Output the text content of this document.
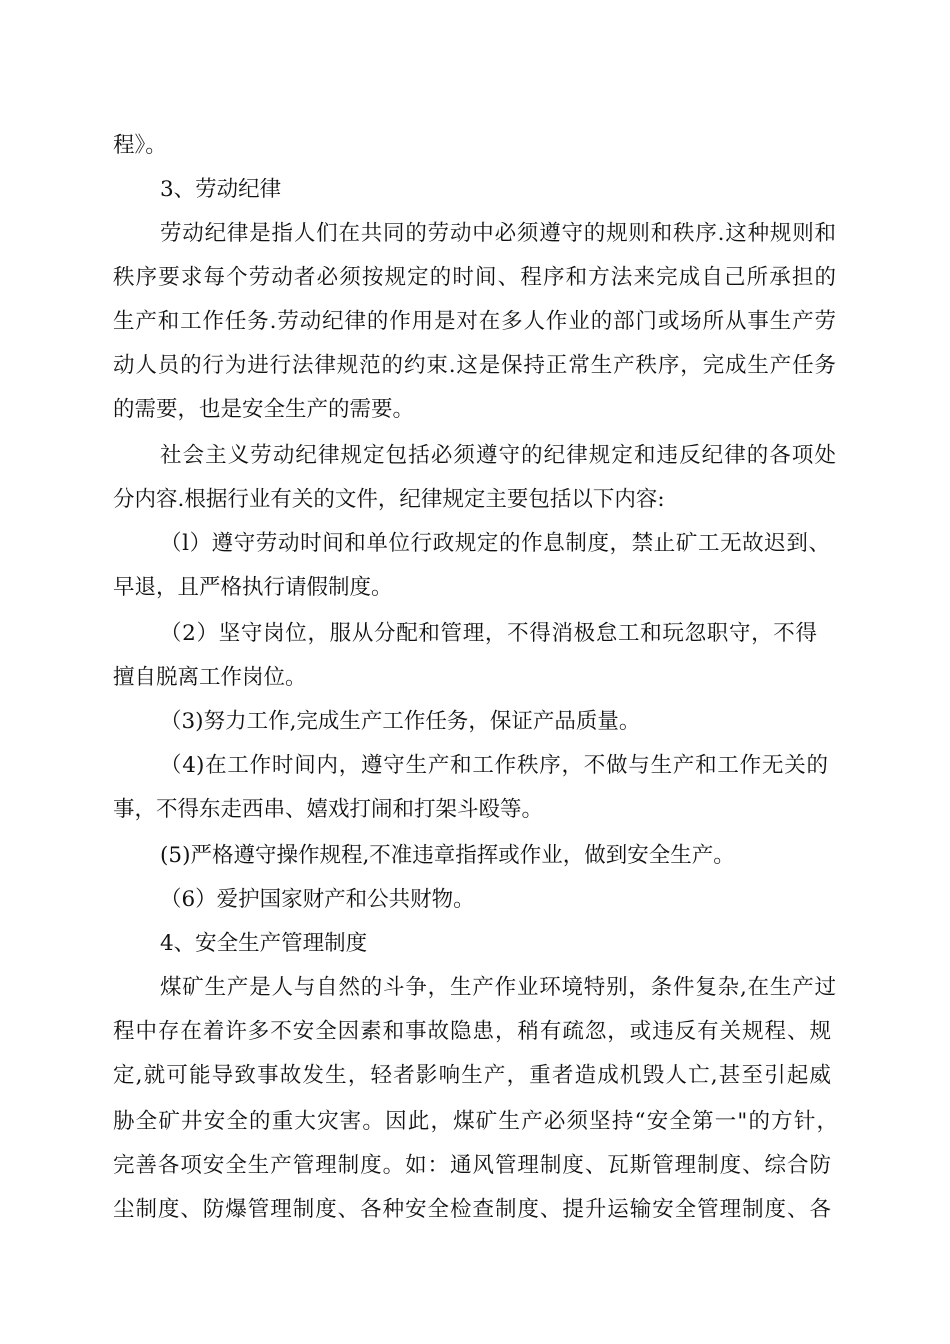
程》。
3、劳动纪律
劳动纪律是指人们在共同的劳动中必须遵守的规则和秩序.这种规则和
秩序要求每个劳动者必须按规定的时间、程序和方法来完成自己所承担的
生产和工作任务.劳动纪律的作用是对在多人作业的部门或场所从事生产劳
动人员的行为进行法律规范的约束.这是保持正常生产秩序，完成生产任务
的需要，也是安全生产的需要。
社会主义劳动纪律规定包括必须遵守的纪律规定和违反纪律的各项处
分内容.根据行业有关的文件，纪律规定主要包括以下内容:
（l）遵守劳动时间和单位行政规定的作息制度，禁止矿工无故迟到、
早退，且严格执行请假制度。
（2）坚守岗位，服从分配和管理，不得消极怠工和玩忽职守，不得
擅自脱离工作岗位。
（3)努力工作,完成生产工作任务，保证产品质量。
（4)在工作时间内，遵守生产和工作秩序，不做与生产和工作无关的
事，不得东走西串、嬉戏打闹和打架斗殴等。
(5)严格遵守操作规程,不准违章指挥或作业，做到安全生产。
（6）爱护国家财产和公共财物。
4、安全生产管理制度
煤矿生产是人与自然的斗争，生产作业环境特别，条件复杂,在生产过
程中存在着许多不安全因素和事故隐患，稍有疏忽，或违反有关规程、规
定,就可能导致事故发生，轻者影响生产，重者造成机毁人亡,甚至引起威
胁全矿井安全的重大灾害。因此，煤矿生产必须坚持“安全第一"的方针，
完善各项安全生产管理制度。如：通风管理制度、瓦斯管理制度、综合防
尘制度、防爆管理制度、各种安全检查制度、提升运输安全管理制度、各
